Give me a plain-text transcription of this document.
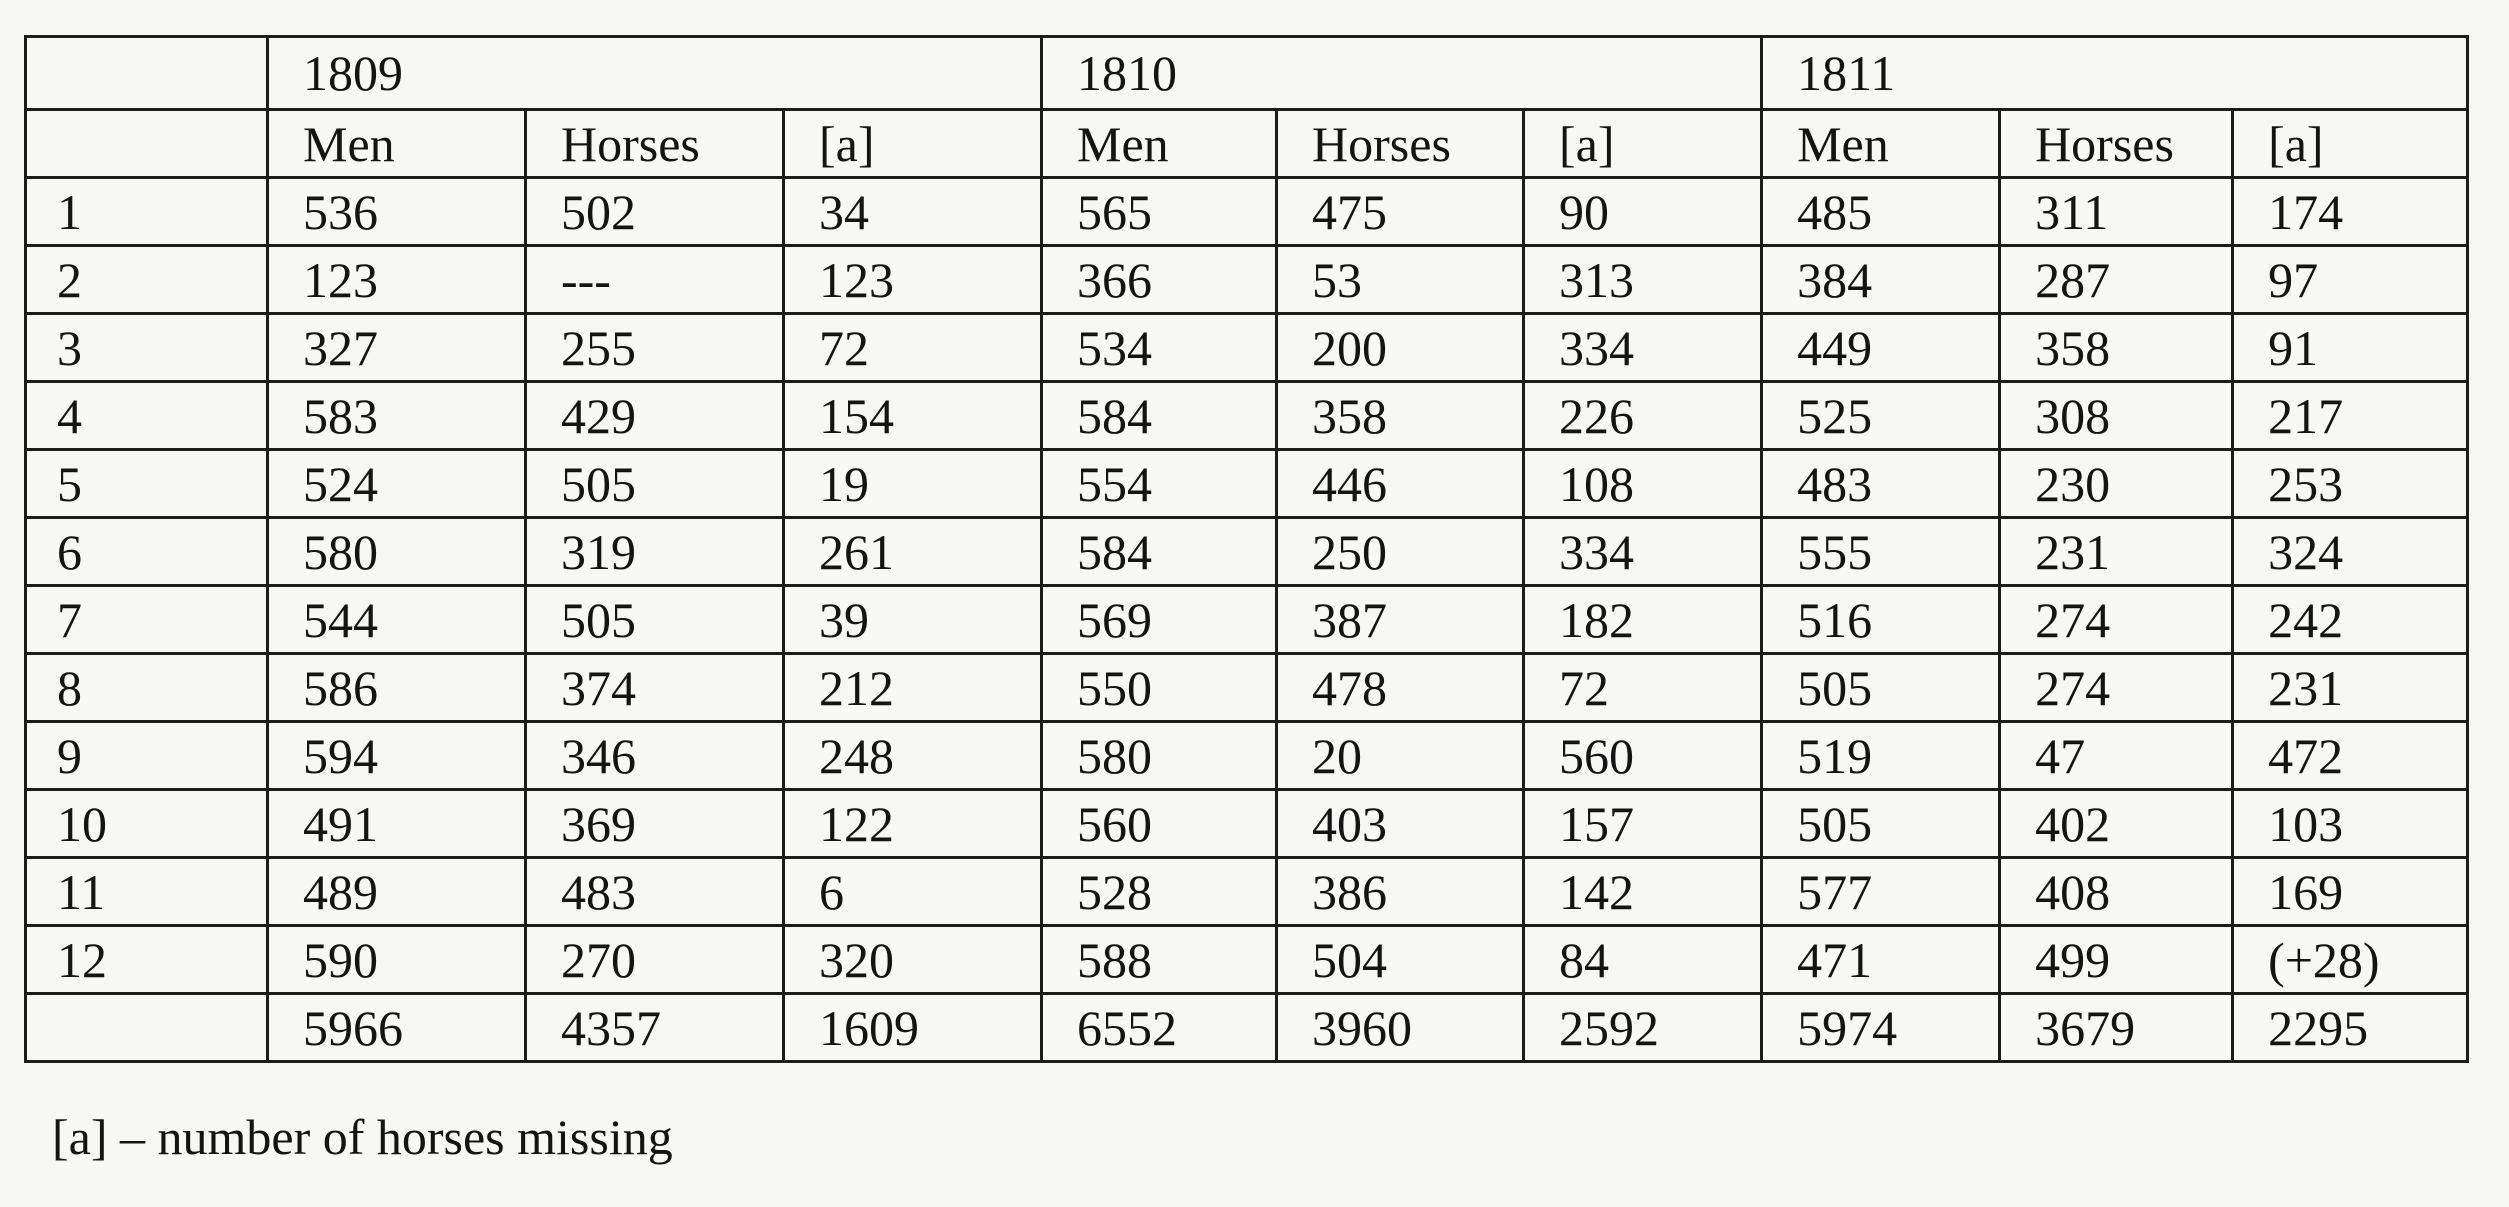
	1809			1810			1811		
	Men	Horses	[a]	Men	Horses	[a]	Men	Horses	[a]
1	536	502	34	565	475	90	485	311	174
2	123	---	123	366	53	313	384	287	97
3	327	255	72	534	200	334	449	358	91
4	583	429	154	584	358	226	525	308	217
5	524	505	19	554	446	108	483	230	253
6	580	319	261	584	250	334	555	231	324
7	544	505	39	569	387	182	516	274	242
8	586	374	212	550	478	72	505	274	231
9	594	346	248	580	20	560	519	47	472
10	491	369	122	560	403	157	505	402	103
11	489	483	6	528	386	142	577	408	169
12	590	270	320	588	504	84	471	499	(+28)
	5966	4357	1609	6552	3960	2592	5974	3679	2295
[a] – number of horses missing
